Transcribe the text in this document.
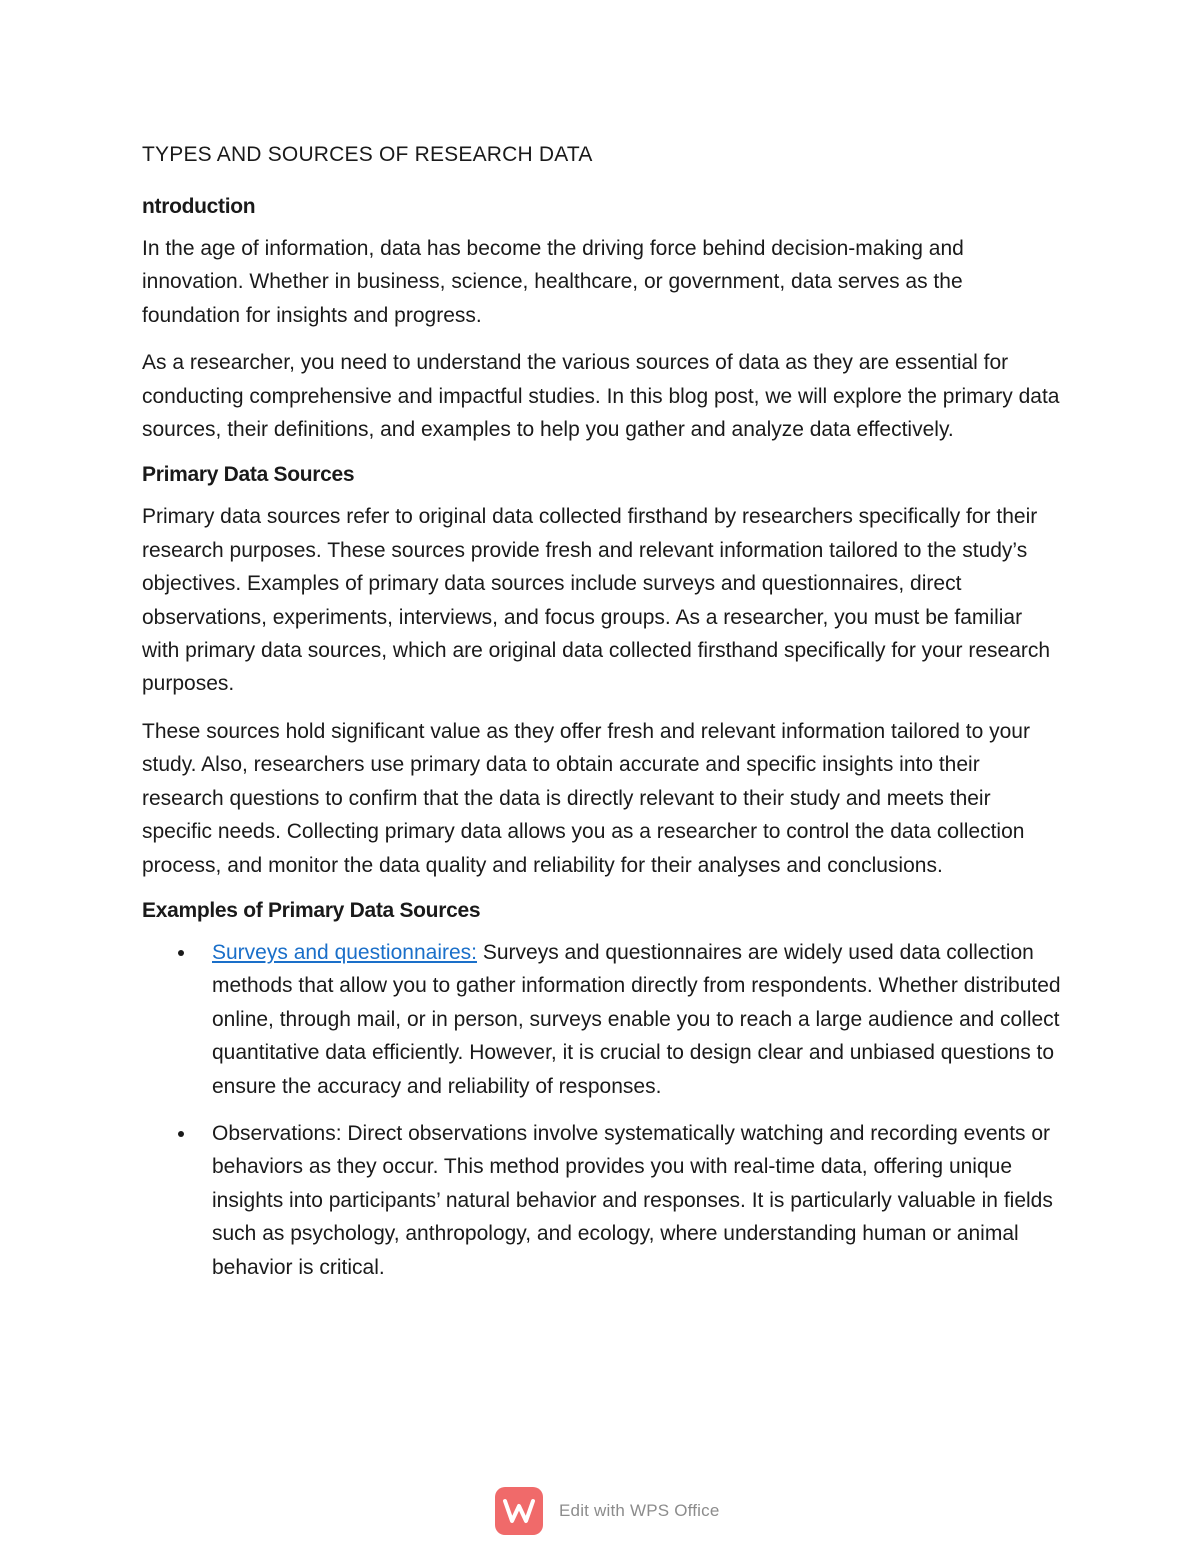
TYPES AND SOURCES OF RESEARCH DATA
ntroduction

In the age of information, data has become the driving force behind decision-making and innovation. Whether in business, science, healthcare, or government, data serves as the foundation for insights and progress.

As a researcher, you need to understand the various sources of data as they are essential for conducting comprehensive and impactful studies. In this blog post, we will explore the primary data sources, their definitions, and examples to help you gather and analyze data effectively.

Primary Data Sources

Primary data sources refer to original data collected firsthand by researchers specifically for their research purposes. These sources provide fresh and relevant information tailored to the study’s objectives. Examples of primary data sources include surveys and questionnaires, direct observations, experiments, interviews, and focus groups. As a researcher, you must be familiar with primary data sources, which are original data collected firsthand specifically for your research purposes.

These sources hold significant value as they offer fresh and relevant information tailored to your study. Also, researchers use primary data to obtain accurate and specific insights into their research questions to confirm that the data is directly relevant to their study and meets their specific needs. Collecting primary data allows you as a researcher to control the data collection process, and monitor the data quality and reliability for their analyses and conclusions.

Examples of Primary Data Sources
Surveys and questionnaires: Surveys and questionnaires are widely used data collection methods that allow you to gather information directly from respondents. Whether distributed online, through mail, or in person, surveys enable you to reach a large audience and collect quantitative data efficiently. However, it is crucial to design clear and unbiased questions to ensure the accuracy and reliability of responses.
Observations: Direct observations involve systematically watching and recording events or behaviors as they occur. This method provides you with real-time data, offering unique insights into participants’ natural behavior and responses. It is particularly valuable in fields such as psychology, anthropology, and ecology, where understanding human or animal behavior is critical.
Edit with WPS Office
